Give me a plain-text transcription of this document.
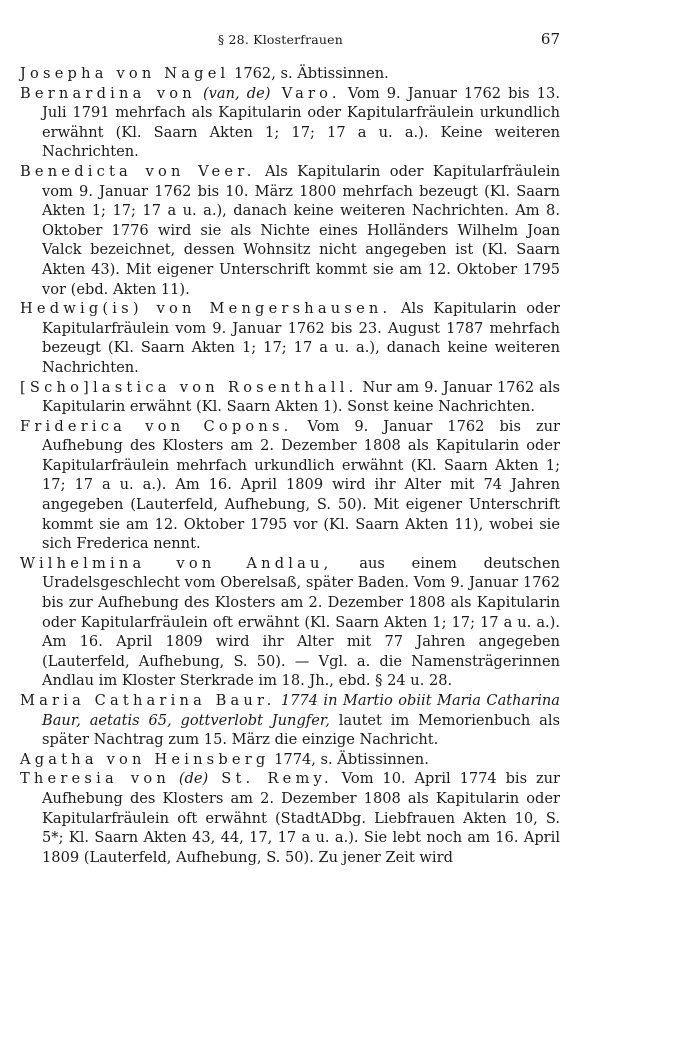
§ 28. Klosterfrauen	67

Josepha von Nagel 1762, s. Äbtissinnen.

Bernardina von (van, de) Varo. Vom 9. Januar 1762 bis 13. Juli 1791 mehrfach als Kapitularin oder Kapitularfräulein urkundlich erwähnt (Kl. Saarn Akten 1; 17; 17 a u. a.). Keine weiteren Nachrichten.

Benedicta von Veer. Als Kapitularin oder Kapitularfräulein vom 9. Januar 1762 bis 10. März 1800 mehrfach bezeugt (Kl. Saarn Akten 1; 17; 17 a u. a.), danach keine weiteren Nachrichten. Am 8. Oktober 1776 wird sie als Nichte eines Holländers Wilhelm Joan Valck bezeichnet, dessen Wohnsitz nicht angegeben ist (Kl. Saarn Akten 43). Mit eigener Unterschrift kommt sie am 12. Oktober 1795 vor (ebd. Akten 11).

Hedwig(is) von Mengershausen. Als Kapitularin oder Kapitularfräulein vom 9. Januar 1762 bis 23. August 1787 mehrfach bezeugt (Kl. Saarn Akten 1; 17; 17 a u. a.), danach keine weiteren Nachrichten.

[Scho]lastica von Rosenthall. Nur am 9. Januar 1762 als Kapitularin erwähnt (Kl. Saarn Akten 1). Sonst keine Nachrichten.

Friderica von Copons. Vom 9. Januar 1762 bis zur Aufhebung des Klosters am 2. Dezember 1808 als Kapitularin oder Kapitularfräulein mehrfach urkundlich erwähnt (Kl. Saarn Akten 1; 17; 17 a u. a.). Am 16. April 1809 wird ihr Alter mit 74 Jahren angegeben (Lauterfeld, Aufhebung, S. 50). Mit eigener Unterschrift kommt sie am 12. Oktober 1795 vor (Kl. Saarn Akten 11), wobei sie sich Frederica nennt.

Wilhelmina von Andlau, aus einem deutschen Uradelsgeschlecht vom Oberelsaß, später Baden. Vom 9. Januar 1762 bis zur Aufhebung des Klosters am 2. Dezember 1808 als Kapitularin oder Kapitularfräulein oft erwähnt (Kl. Saarn Akten 1; 17; 17 a u. a.). Am 16. April 1809 wird ihr Alter mit 77 Jahren angegeben (Lauterfeld, Aufhebung, S. 50). — Vgl. a. die Namensträgerinnen Andlau im Kloster Sterkrade im 18. Jh., ebd. § 24 u. 28.

Maria Catharina Baur. 1774 in Martio obiit Maria Catharina Baur, aetatis 65, gottverlobt Jungfer, lautet im Memorienbuch als später Nachtrag zum 15. März die einzige Nachricht.

Agatha von Heinsberg 1774, s. Äbtissinnen.

Theresia von (de) St. Remy. Vom 10. April 1774 bis zur Aufhebung des Klosters am 2. Dezember 1808 als Kapitularin oder Kapitularfräulein oft erwähnt (StadtADbg. Liebfrauen Akten 10, S. 5*; Kl. Saarn Akten 43, 44, 17, 17 a u. a.). Sie lebt noch am 16. April 1809 (Lauterfeld, Aufhebung, S. 50). Zu jener Zeit wird
